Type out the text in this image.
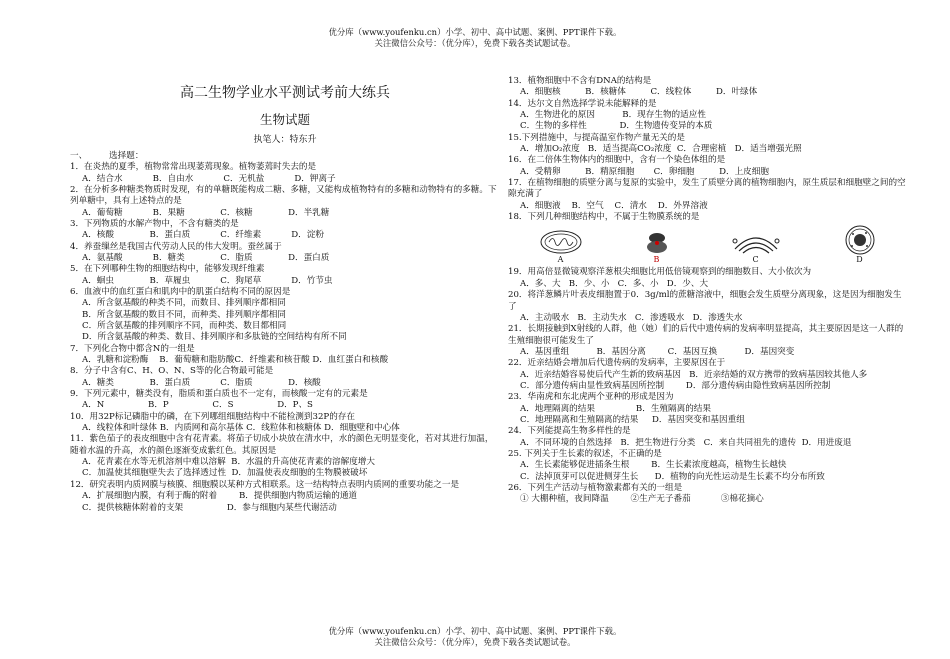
优分库（www.youfenku.cn）小学、初中、高中试题、案例、PPT课件下载。
关注微信公众号：（优分库），免费下载各类试题试卷。
高二生物学业水平测试考前大练兵
生物试题
执笔人：特东升
一、        选择题：
1．在炎热的夏季，植物常常出现萎蔫现象。植物萎蔫时失去的是
A．结合水           B．自由水           C．无机盐           D．钾离子
2．在分析多种糖类物质时发现，有的单糖既能构成二糖、多糖，又能构成植物特有的多糖和动物特有的多糖。下列单糖中，具有上述特点的是
A．葡萄糖           B．果糖             C．核糖             D．半乳糖
3．下列物质的水解产物中，不含有糖类的是
A．核酸             B．蛋白质           C．纤维素           D．淀粉
4．养蚕缫丝是我国古代劳动人民的伟大发明。蚕丝属于
A．氨基酸           B．糖类             C．脂质             D．蛋白质
5．在下列哪种生物的细胞结构中，能够发现纤维素
A．蛔虫             B．草履虫           C．狗尾草           D．竹节虫
6．血液中的血红蛋白和肌肉中的肌蛋白结构不同的原因是
A．所含氨基酸的种类不同，而数目、排列顺序都相同
B．所含氨基酸的数目不同，而种类、排列顺序都相同
C．所含氨基酸的排列顺序不同，而种类、数目都相同
D．所含氨基酸的种类、数目、排列顺序和多肽链的空间结构有所不同
7．下列化合物中都含N的一组是
A．乳糖和淀粉酶    B．葡萄糖和脂肪酸C．纤维素和核苷酸 D．血红蛋白和核酸
8．分子中含有C、H、O、N、S等的化合物最可能是
A．糖类             B．蛋白质           C．脂质             D．核酸
9．下列元素中，糖类没有，脂质和蛋白质也不一定有，而核酸一定有的元素是
A．N                B．P                C．S                D．P、S
10．用32P标记磷脂中的磷，在下列哪组细胞结构中不能检测到32P的存在
A．线粒体和叶绿体 B．内质网和高尔基体 C．线粒体和核糖体 D．细胞壁和中心体
11．紫色茄子的表皮细胞中含有花青素。将茄子切成小块放在清水中，水的颜色无明显变化，若对其进行加温，随着水温的升高，水的颜色逐渐变成紫红色。其原因是
A．花青素在水等无机溶剂中难以溶解  B．水温的升高使花青素的溶解度增大
C．加温使其细胞壁失去了选择透过性  D．加温使表皮细胞的生物膜被破坏
12．研究表明内质网膜与核膜、细胞膜以某种方式相联系。这一结构特点表明内质网的重要功能之一是
A．扩展细胞内膜，有利于酶的附着        B．提供细胞内物质运输的通道
C．提供核糖体附着的支架                D．参与细胞内某些代谢活动
13．植物细胞中不含有DNA的结构是
A．细胞核         B．核糖体         C．线粒体         D．叶绿体
14．达尔文自然选择学说未能解释的是
A．生物进化的原因          B．现存生物的适应性
C．生物的多样性            D．生物遗传变异的本质
15.下列措施中，与提高温室作物产量无关的是
A．增加O₂浓度   B．适当提高CO₂浓度  C．合理密植   D．适当增强光照
16．在二倍体生物体内的细胞中，含有一个染色体组的是
A．受精卵         B．精原细胞       C．卵细胞         D．上皮细胞
17．在植物细胞的质壁分离与复原的实验中，发生了质壁分离的植物细胞内，原生质层和细胞壁之间的空隙充满了
A．细胞液    B．空气    C．清水    D．外界溶液
18．下列几种细胞结构中，不属于生物膜系统的是
A	B	C	D
19．用高倍显微镜观察洋葱根尖细胞比用低倍镜观察到的细胞数目、大小依次为
A．多、大   B．少、小   C．多、小   D．少、大
20．将洋葱鳞片叶表皮细胞置于0．3g/ml的蔗糖溶液中，细胞会发生质壁分离现象，这是因为细胞发生了
A．主动吸水   B．主动失水   C．渗透吸水   D．渗透失水
21．长期接触到X射线的人群，他（她）们的后代中遗传病的发病率明显提高，其主要原因是这一人群的生殖细胞很可能发生了
A．基因重组          B．基因分离        C．基因互换          D．基因突变
22．近亲结婚会增加后代遗传病的发病率，主要原因在于
A．近亲结婚容易使后代产生新的致病基因   B．近亲结婚的双方携带的致病基因较其他人多
C．部分遗传病由显性致病基因所控制        D．部分遗传病由隐性致病基因所控制
23．华南虎和东北虎两个亚种的形成是因为
A．地理隔离的结果               B．生殖隔离的结果
C．地理隔离和生殖隔离的结果     D．基因突变和基因重组
24．下列能提高生物多样性的是
A．不同环境的自然选择   B．把生物进行分类   C．来自共同祖先的遗传  D．用进废退
25. 下列关于生长素的叙述，不正确的是
A．生长素能够促进插条生根        B．生长素浓度越高，植物生长越快
C．法掉顶芽可以促进侧芽生长      D．植物的向光性运动是生长素不均分布所致
26．下列生产活动与植物激素都有关的一组是
① 大棚种植，夜间降温        ②生产无子番茄           ③棉花摘心
优分库（www.youfenku.cn）小学、初中、高中试题、案例、PPT课件下载。
关注微信公众号：（优分库），免费下载各类试题试卷。
